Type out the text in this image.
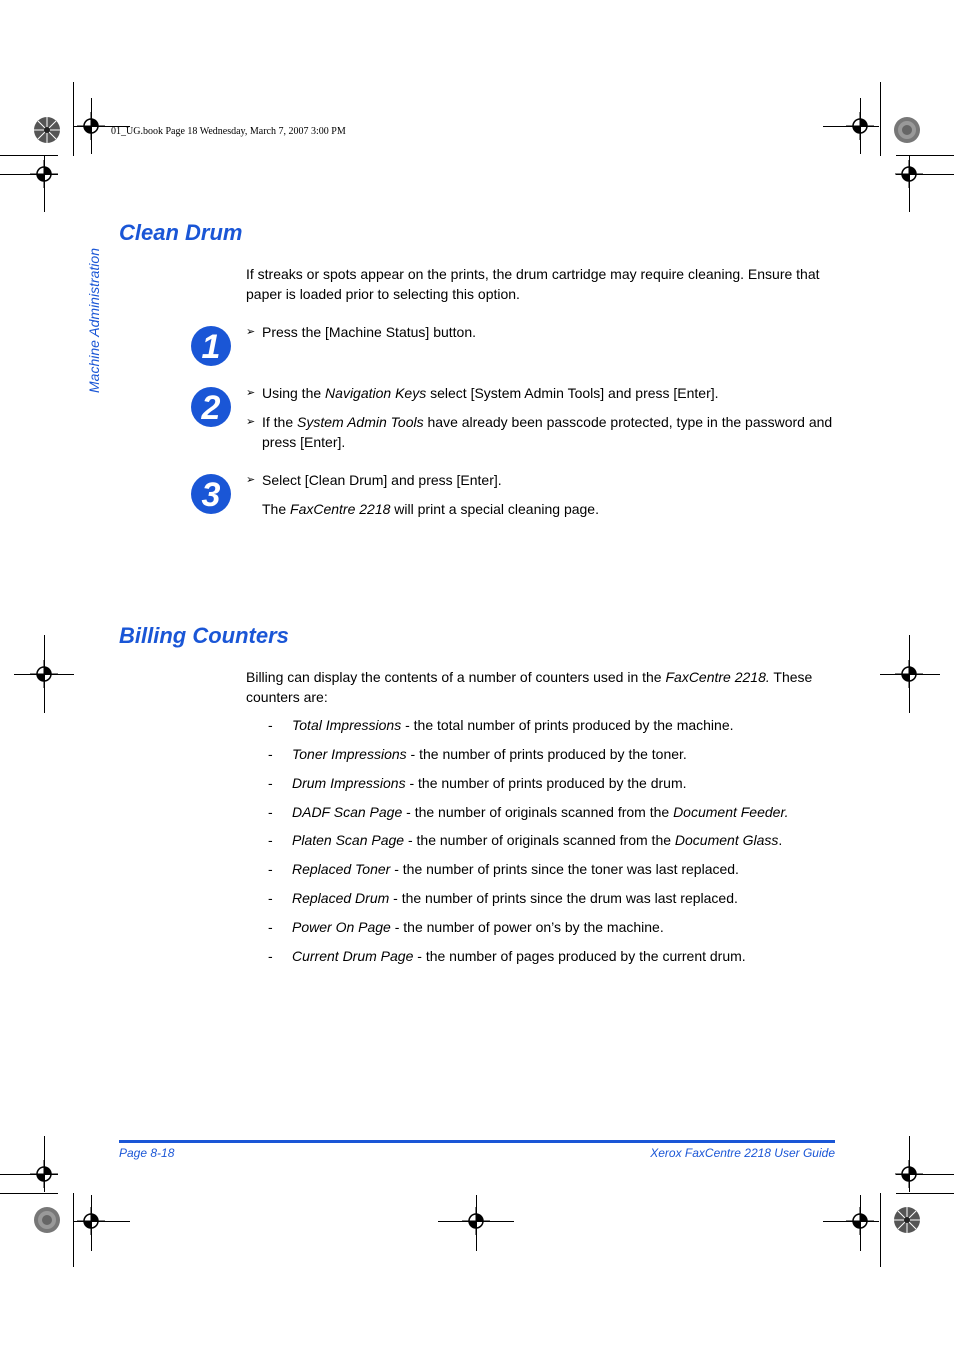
01_UG.book Page 18 Wednesday, March 7, 2007 3:00 PM
Machine Administration
Clean Drum
If streaks or spots appear on the prints, the drum cartridge may require cleaning. Ensure that paper is loaded prior to selecting this option.
1 ➢ Press the [Machine Status] button.
2 ➢ Using the Navigation Keys select [System Admin Tools] and press [Enter].
➢ If the System Admin Tools have already been passcode protected, type in the password and press [Enter].
3 ➢ Select [Clean Drum] and press [Enter].
The FaxCentre 2218 will print a special cleaning page.
Billing Counters
Billing can display the contents of a number of counters used in the FaxCentre 2218. These counters are:
- Total Impressions - the total number of prints produced by the machine.
- Toner Impressions - the number of prints produced by the toner.
- Drum Impressions - the number of prints produced by the drum.
- DADF Scan Page - the number of originals scanned from the Document Feeder.
- Platen Scan Page - the number of originals scanned from the Document Glass.
- Replaced Toner - the number of prints since the toner was last replaced.
- Replaced Drum - the number of prints since the drum was last replaced.
- Power On Page - the number of power on’s by the machine.
- Current Drum Page - the number of pages produced by the current drum.
Page 8-18	Xerox FaxCentre 2218 User Guide
